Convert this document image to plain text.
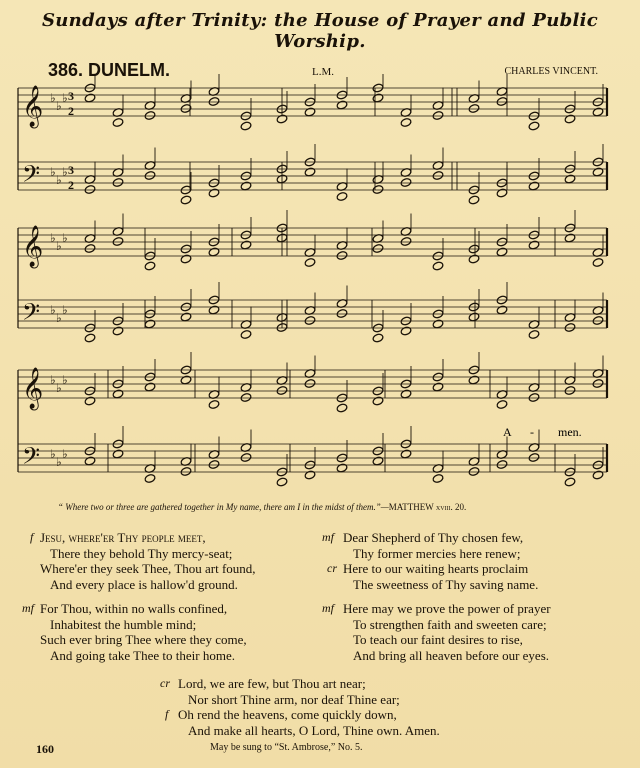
Sundays after Trinity: the House of Prayer and Public Worship.
386. DUNELM.	L.M.	CHARLES VINCENT.
𝄞 ♭
♭
♭
𝄢 ♭
♭
♭
𝄞 ♭
♭
♭
𝄢 ♭
♭
♭
𝄞 ♭
♭
♭
𝄢 ♭
♭
♭
3
2
3
2
A - men.
“ Where two or three are gathered together in My name, there am I in the midst of them.”—MATTHEW xviii. 20.
f Jesu, where'er Thy people meet,
There they behold Thy mercy-seat;
Where'er they seek Thee, Thou art found,
And every place is hallow'd ground.
mf For Thou, within no walls confined,
Inhabitest the humble mind;
Such ever bring Thee where they come,
And going take Thee to their home.
mf
cr
Dear Shepherd of Thy chosen few,
Thy former mercies here renew;
Here to our waiting hearts proclaim
The sweetness of Thy saving name.
mf Here may we prove the power of prayer
To strengthen faith and sweeten care;
To teach our faint desires to rise,
And bring all heaven before our eyes.
cr
f
Lord, we are few, but Thou art near;
Nor short Thine arm, nor deaf Thine ear;
Oh rend the heavens, come quickly down,
And make all hearts, O Lord, Thine own. Amen.
160	May be sung to “St. Ambrose,” No. 5.
